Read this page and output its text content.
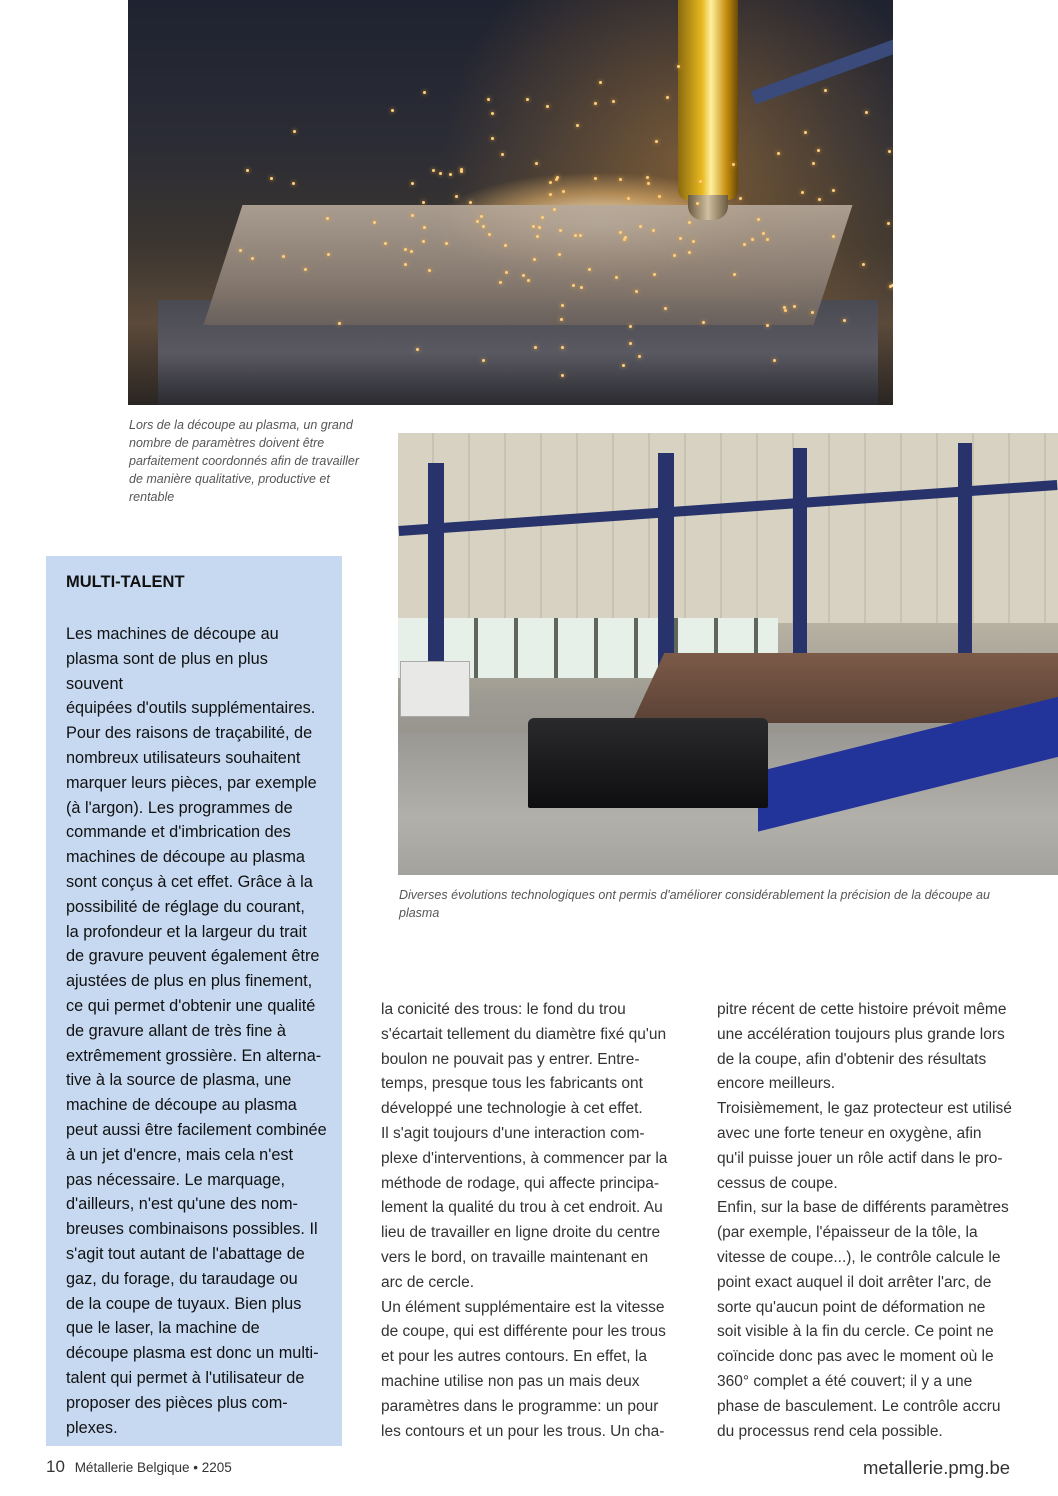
Lors de la découpe au plasma, un grand nombre de paramètres doivent être parfaitement coordonnés afin de travailler de manière qualitative, productive et rentable
Diverses évolutions technologiques ont permis d'améliorer considérablement la précision de la découpe au plasma
MULTI-TALENT
Les machines de découpe au
plasma sont de plus en plus souvent
équipées d'outils supplémentaires.
Pour des raisons de traçabilité, de
nombreux utilisateurs souhaitent
marquer leurs pièces, par exemple
(à l'argon). Les programmes de
commande et d'imbrication des
machines de découpe au plasma
sont conçus à cet effet. Grâce à la
possibilité de réglage du courant,
la profondeur et la largeur du trait
de gravure peuvent également être
ajustées de plus en plus finement,
ce qui permet d'obtenir une qualité
de gravure allant de très fine à
extrêmement grossière. En alterna-
tive à la source de plasma, une
machine de découpe au plasma
peut aussi être facilement combinée
à un jet d'encre, mais cela n'est
pas nécessaire. Le marquage,
d'ailleurs, n'est qu'une des nom-
breuses combinaisons possibles. Il
s'agit tout autant de l'abattage de
gaz, du forage, du taraudage ou
de la coupe de tuyaux. Bien plus
que le laser, la machine de
découpe plasma est donc un multi-
talent qui permet à l'utilisateur de
proposer des pièces plus com-
plexes.
la conicité des trous: le fond du trou
s'écartait tellement du diamètre fixé qu'un
boulon ne pouvait pas y entrer. Entre-
temps, presque tous les fabricants ont
développé une technologie à cet effet.
Il s'agit toujours d'une interaction com-
plexe d'interventions, à commencer par la
méthode de rodage, qui affecte principa-
lement la qualité du trou à cet endroit. Au
lieu de travailler en ligne droite du centre
vers le bord, on travaille maintenant en
arc de cercle.
Un élément supplémentaire est la vitesse
de coupe, qui est différente pour les trous
et pour les autres contours. En effet, la
machine utilise non pas un mais deux
paramètres dans le programme: un pour
les contours et un pour les trous. Un cha-
pitre récent de cette histoire prévoit même
une accélération toujours plus grande lors
de la coupe, afin d'obtenir des résultats
encore meilleurs.
Troisièmement, le gaz protecteur est utilisé
avec une forte teneur en oxygène, afin
qu'il puisse jouer un rôle actif dans le pro-
cessus de coupe.
Enfin, sur la base de différents paramètres
(par exemple, l'épaisseur de la tôle, la
vitesse de coupe...), le contrôle calcule le
point exact auquel il doit arrêter l'arc, de
sorte qu'aucun point de déformation ne
soit visible à la fin du cercle. Ce point ne
coïncide donc pas avec le moment où le
360° complet a été couvert; il y a une
phase de basculement. Le contrôle accru
du processus rend cela possible.
10 Métallerie Belgique • 2205	metallerie.pmg.be
